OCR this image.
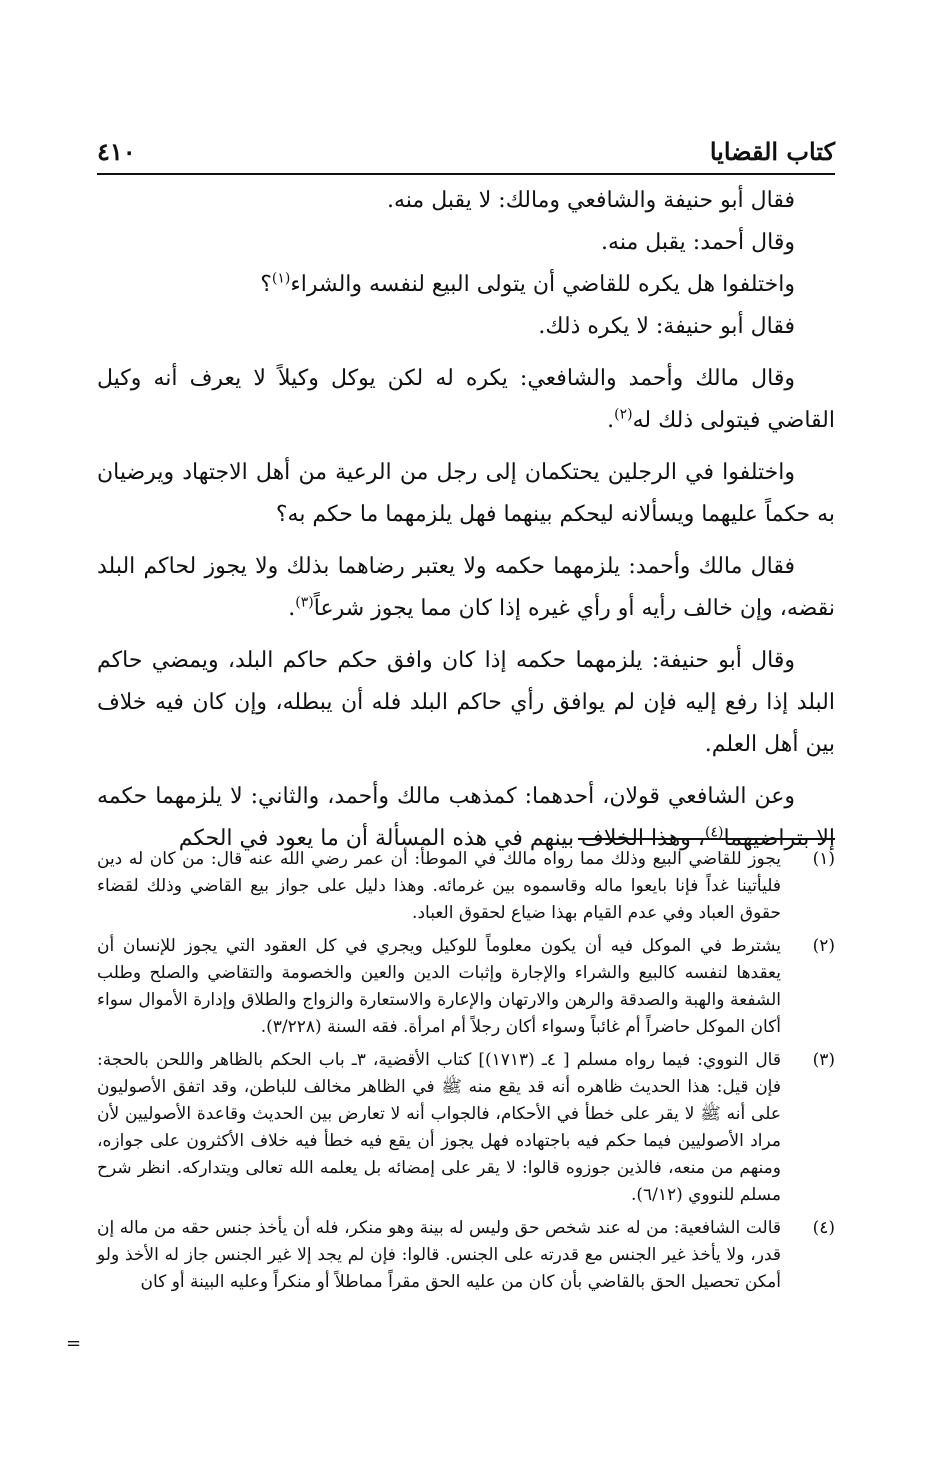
كتاب القضايا
٤١٠

فقال أبو حنيفة والشافعي ومالك: لا يقبل منه.

وقال أحمد: يقبل منه.

واختلفوا هل يكره للقاضي أن يتولى البيع لنفسه والشراء$^{(١)}$؟

فقال أبو حنيفة: لا يكره ذلك.

وقال مالك وأحمد والشافعي: يكره له لكن يوكل وكيلاً لا يعرف أنه وكيل القاضي فيتولى ذلك له$^{(٢)}$.

واختلفوا في الرجلين يحتكمان إلى رجل من الرعية من أهل الاجتهاد ويرضيان به حكماً عليهما ويسألانه ليحكم بينهما فهل يلزمهما ما حكم به؟

فقال مالك وأحمد: يلزمهما حكمه ولا يعتبر رضاهما بذلك ولا يجوز لحاكم البلد نقضه، وإن خالف رأيه أو رأي غيره إذا كان مما يجوز شرعاً$^{(٣)}$.

وقال أبو حنيفة: يلزمهما حكمه إذا كان وافق حكم حاكم البلد، ويمضي حاكم البلد إذا رفع إليه فإن لم يوافق رأي حاكم البلد فله أن يبطله، وإن كان فيه خلاف بين أهل العلم.

وعن الشافعي قولان، أحدهما: كمذهب مالك وأحمد، والثاني: لا يلزمهما حكمه إلا بتراضيهما$^{(٤)}$، وهذا الخلاف بينهم في هذه المسألة أن ما يعود في الحكم

(١)
يجوز للقاضي البيع وذلك مما رواه مالك في الموطأ: أن عمر رضي الله عنه قال: من كان له دين فليأتينا غداً فإنا بايعوا ماله وقاسموه بين غرمائه. وهذا دليل على جواز بيع القاضي وذلك لقضاء حقوق العباد وفي عدم القيام بهذا ضياع لحقوق العباد.
(٢)
يشترط في الموكل فيه أن يكون معلوماً للوكيل ويجري في كل العقود التي يجوز للإنسان أن يعقدها لنفسه كالبيع والشراء والإجارة وإثبات الدين والعين والخصومة والتقاضي والصلح وطلب الشفعة والهبة والصدقة والرهن والارتهان والإعارة والاستعارة والزواج والطلاق وإدارة الأموال سواء أكان الموكل حاضراً أم غائباً وسواء أكان رجلاً أم امرأة. فقه السنة (٣/٢٢٨).
(٣)
قال النووي: فيما رواه مسلم [ ٤ـ (١٧١٣)] كتاب الأقضية، ٣ـ باب الحكم بالظاهر واللحن بالحجة: فإن قيل: هذا الحديث ظاهره أنه قد يقع منه ﷺ في الظاهر مخالف للباطن، وقد اتفق الأصوليون على أنه ﷺ لا يقر على خطأ في الأحكام، فالجواب أنه لا تعارض بين الحديث وقاعدة الأصوليين لأن مراد الأصوليين فيما حكم فيه باجتهاده فهل يجوز أن يقع فيه خطأ فيه خلاف الأكثرون على جوازه، ومنهم من منعه، فالذين جوزوه قالوا: لا يقر على إمضائه بل يعلمه الله تعالى ويتداركه. انظر شرح مسلم للنووي (٦/١٢).
(٤)
قالت الشافعية: من له عند شخص حق وليس له بينة وهو منكر، فله أن يأخذ جنس حقه من ماله إن قدر، ولا يأخذ غير الجنس مع قدرته على الجنس. قالوا: فإن لم يجد إلا غير الجنس جاز له الأخذ ولو أمكن تحصيل الحق بالقاضي بأن كان من عليه الحق مقراً مماطلاً أو منكراً وعليه البينة أو كان
=
